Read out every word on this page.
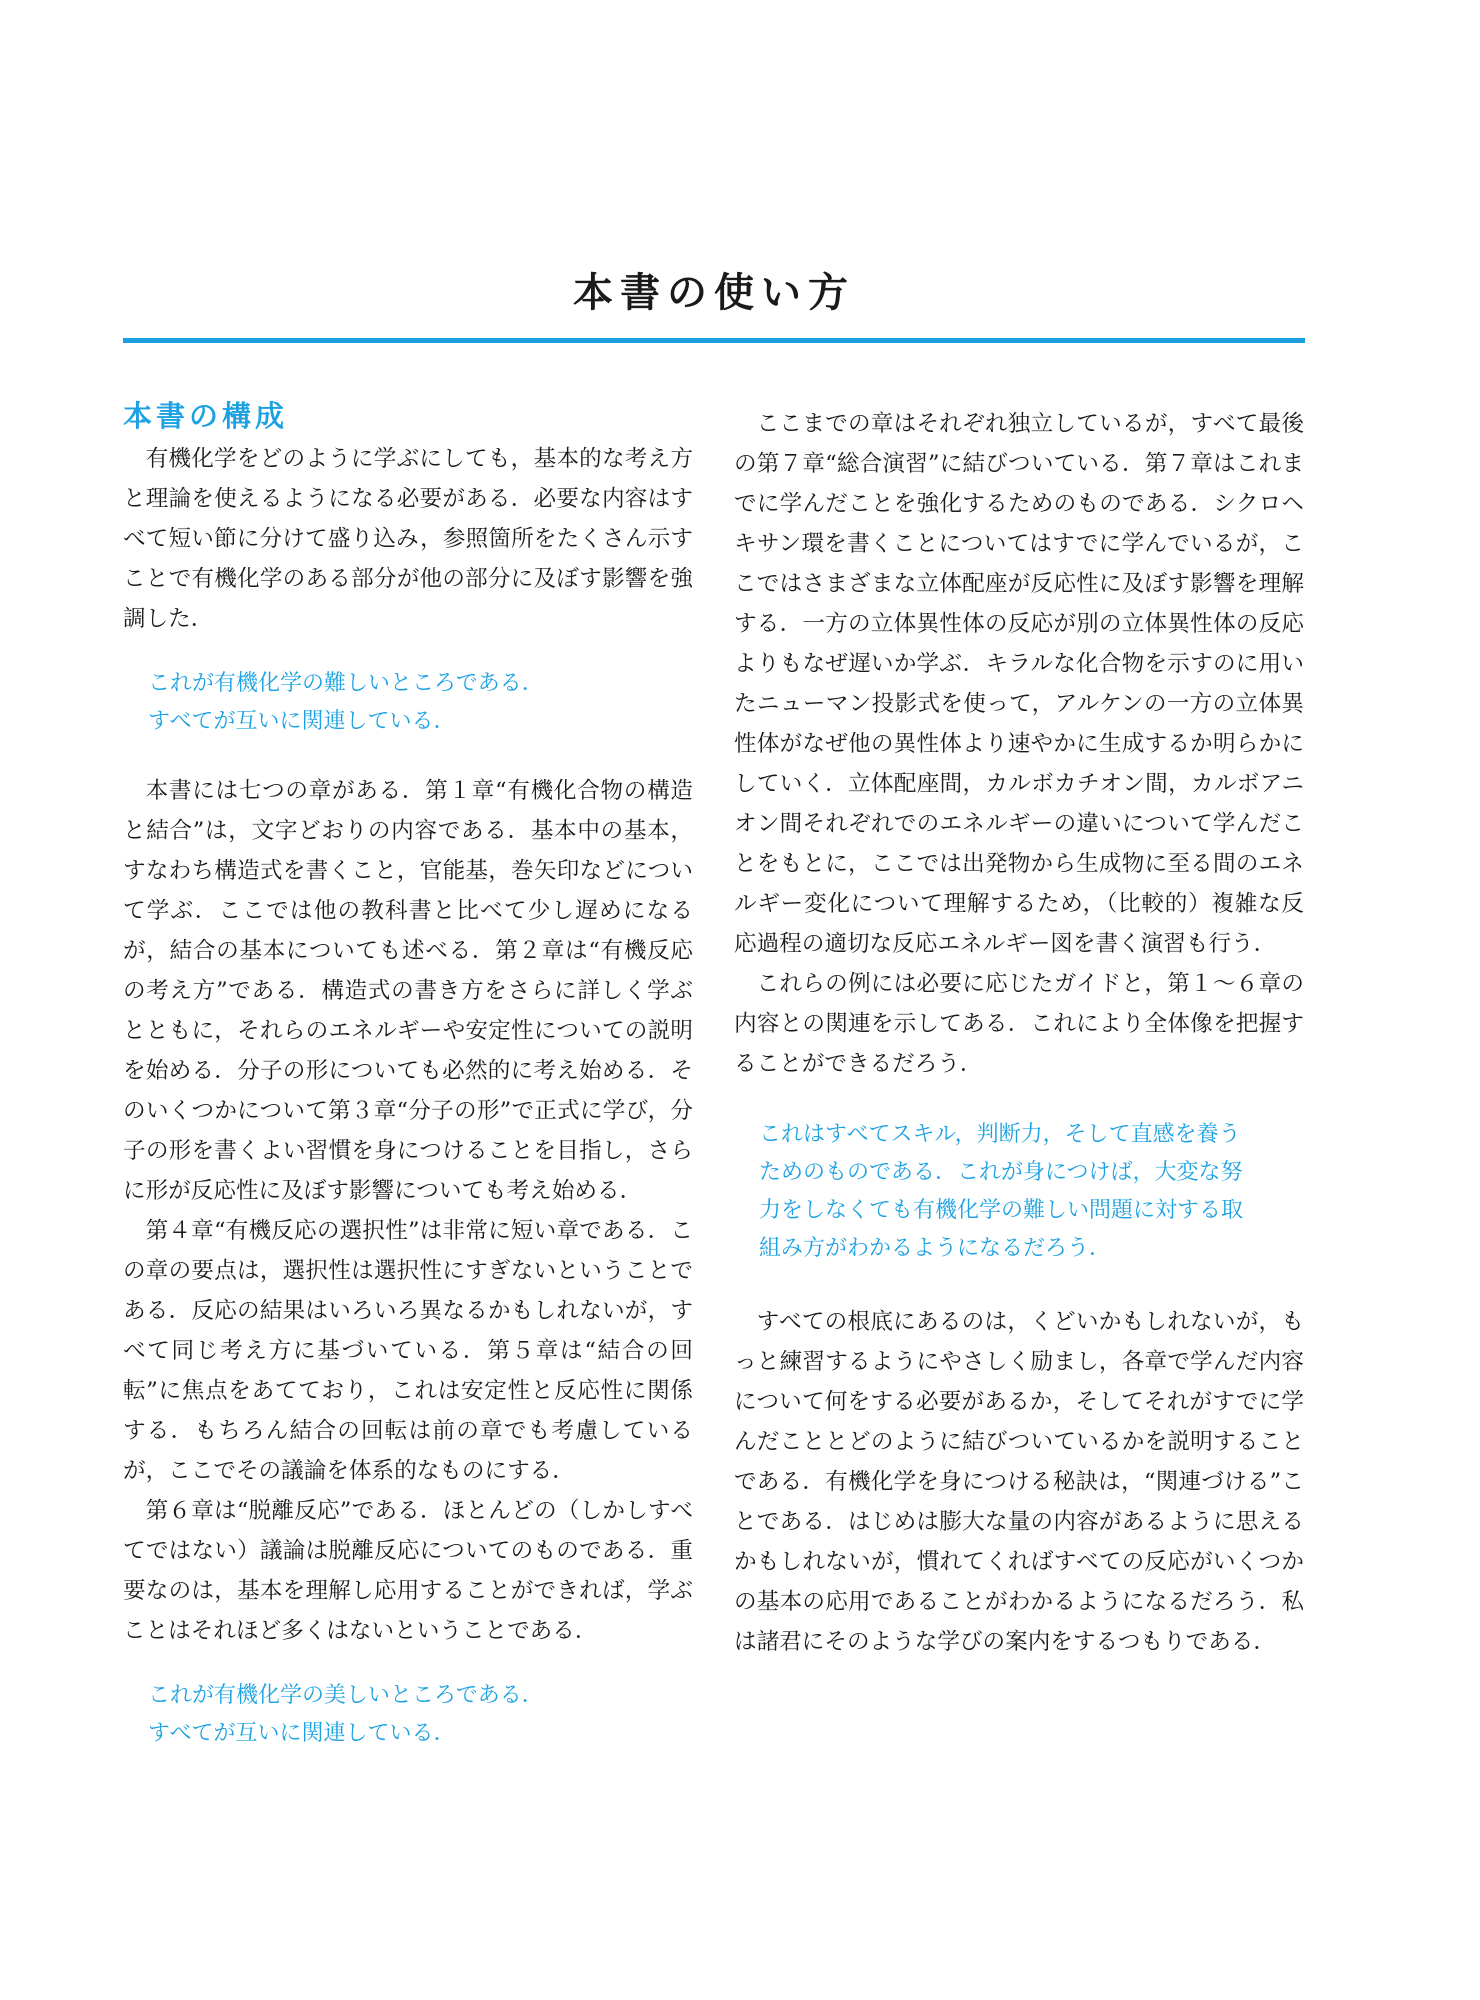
本書の使い方
本書の構成

有機化学をどのように学ぶにしても，基本的な考え方と理論を使えるようになる必要がある．必要な内容はすべて短い節に分けて盛り込み，参照箇所をたくさん示すことで有機化学のある部分が他の部分に及ぼす影響を強調した．

これが有機化学の難しいところである．
すべてが互いに関連している．

本書には七つの章がある．第１章“有機化合物の構造と結合”は，文字どおりの内容である．基本中の基本，すなわち構造式を書くこと，官能基，巻矢印などについて学ぶ．ここでは他の教科書と比べて少し遅めになるが，結合の基本についても述べる．第２章は“有機反応の考え方”である．構造式の書き方をさらに詳しく学ぶとともに，それらのエネルギーや安定性についての説明を始める．分子の形についても必然的に考え始める．そのいくつかについて第３章“分子の形”で正式に学び，分子の形を書くよい習慣を身につけることを目指し，さらに形が反応性に及ぼす影響についても考え始める．

第４章“有機反応の選択性”は非常に短い章である．この章の要点は，選択性は選択性にすぎないということである．反応の結果はいろいろ異なるかもしれないが，すべて同じ考え方に基づいている．第５章は“結合の回転”に焦点をあてており，これは安定性と反応性に関係する．もちろん結合の回転は前の章でも考慮しているが，ここでその議論を体系的なものにする．

第６章は“脱離反応”である．ほとんどの（しかしすべてではない）議論は脱離反応についてのものである．重要なのは，基本を理解し応用することができれば，学ぶことはそれほど多くはないということである．

これが有機化学の美しいところである．
すべてが互いに関連している．

ここまでの章はそれぞれ独立しているが，すべて最後の第７章“総合演習”に結びついている．第７章はこれまでに学んだことを強化するためのものである．シクロヘキサン環を書くことについてはすでに学んでいるが，ここではさまざまな立体配座が反応性に及ぼす影響を理解する．一方の立体異性体の反応が別の立体異性体の反応よりもなぜ遅いか学ぶ．キラルな化合物を示すのに用いたニューマン投影式を使って，アルケンの一方の立体異性体がなぜ他の異性体より速やかに生成するか明らかにしていく．立体配座間，カルボカチオン間，カルボアニオン間それぞれでのエネルギーの違いについて学んだことをもとに，ここでは出発物から生成物に至る間のエネルギー変化について理解するため，（比較的）複雑な反応過程の適切な反応エネルギー図を書く演習も行う．

これらの例には必要に応じたガイドと，第１〜６章の内容との関連を示してある．これにより全体像を把握することができるだろう．

これはすべてスキル，判断力，そして直感を養う
ためのものである．これが身につけば，大変な努
力をしなくても有機化学の難しい問題に対する取
組み方がわかるようになるだろう．

すべての根底にあるのは，くどいかもしれないが，もっと練習するようにやさしく励まし，各章で学んだ内容について何をする必要があるか，そしてそれがすでに学んだこととどのように結びついているかを説明することである．有機化学を身につける秘訣は，“関連づける”ことである．はじめは膨大な量の内容があるように思えるかもしれないが，慣れてくればすべての反応がいくつかの基本の応用であることがわかるようになるだろう．私は諸君にそのような学びの案内をするつもりである．
